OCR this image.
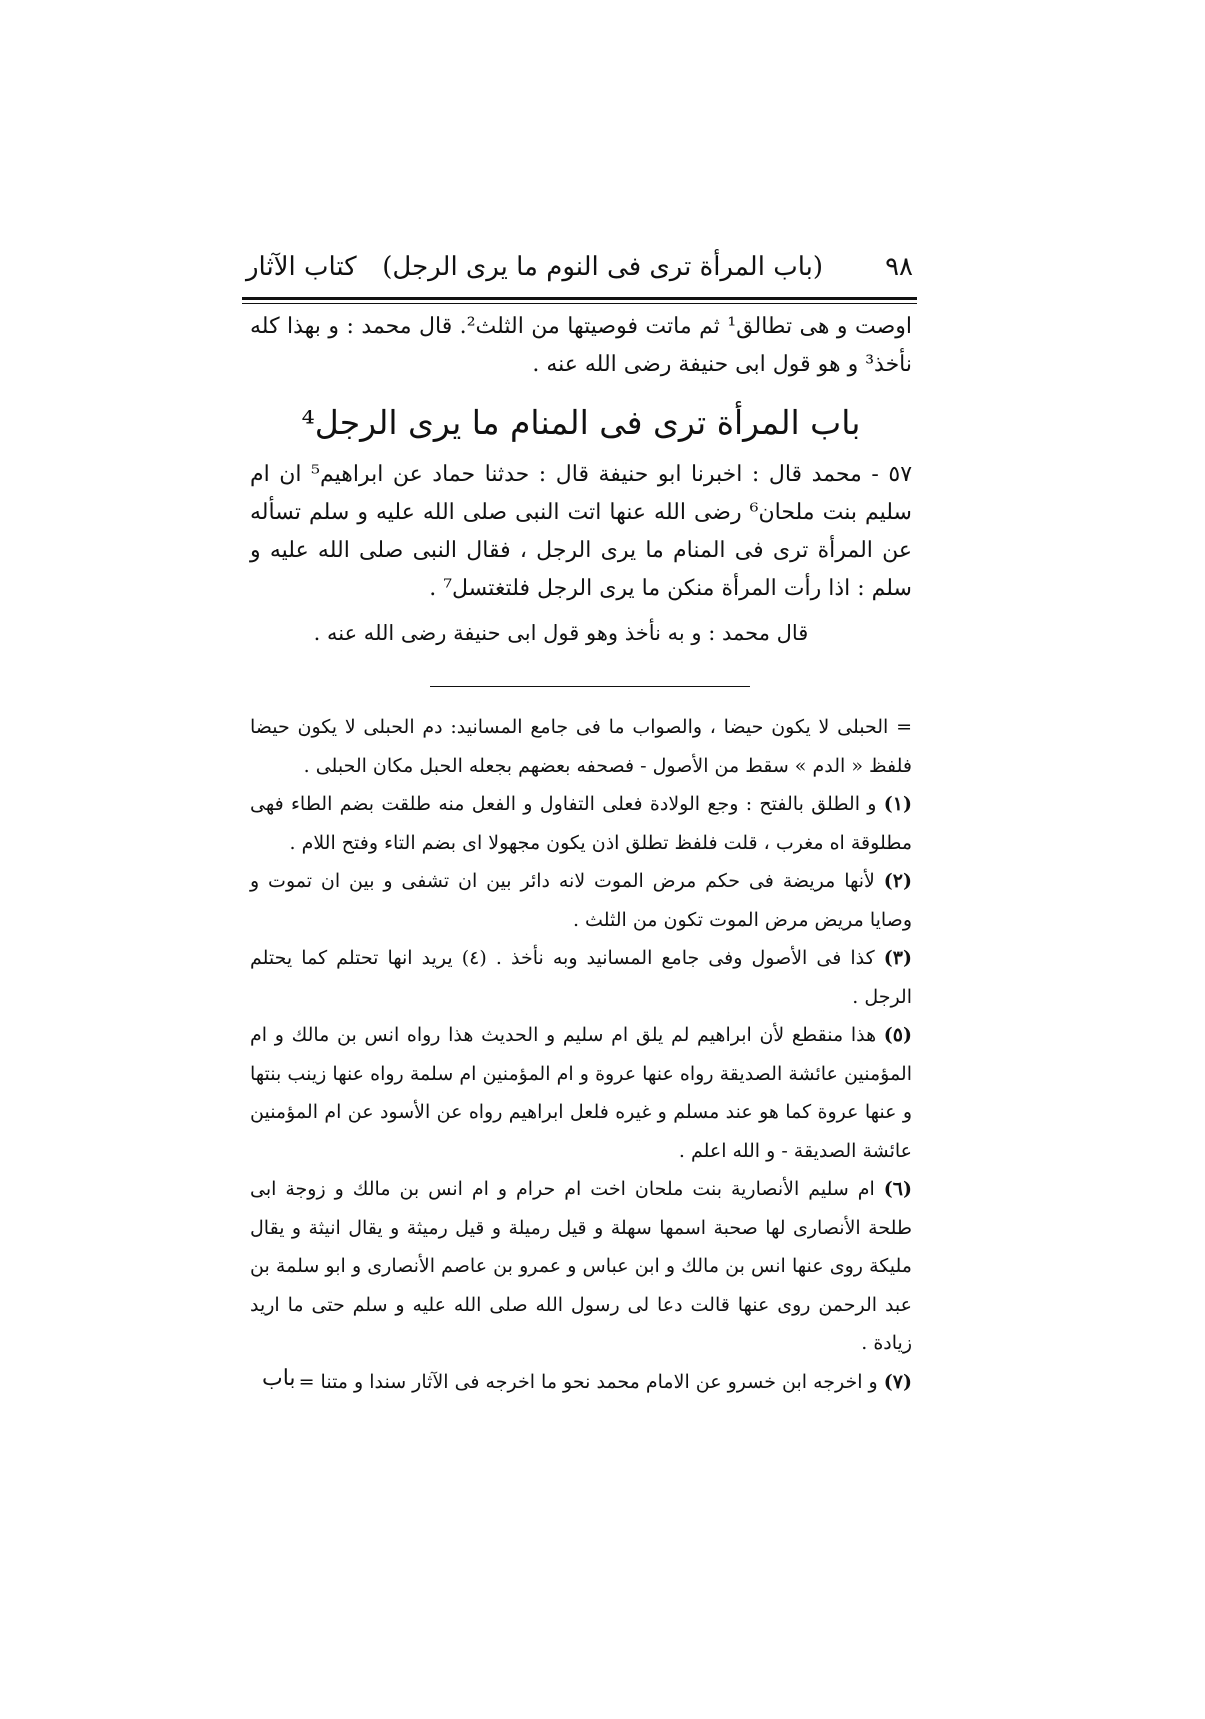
٩٨
(باب المرأة ترى فى النوم ما يرى الرجل)
كتاب الآثار

اوصت و هى تطالق¹ ثم ماتت فوصيتها من الثلث². قال محمد : و بهذا كله نأخذ³ و هو قول ابى حنيفة رضى الله عنه .

باب المرأة ترى فى المنام ما يرى الرجل⁴

٥٧ - محمد قال : اخبرنا ابو حنيفة قال : حدثنا حماد عن ابراهيم⁵ ان ام سليم بنت ملحان⁶ رضى الله عنها اتت النبى صلى الله عليه و سلم تسأله عن المرأة ترى فى المنام ما يرى الرجل ، فقال النبى صلى الله عليه و سلم : اذا رأت المرأة منكن ما يرى الرجل فلتغتسل⁷ .

قال محمد : و به نأخذ وهو قول ابى حنيفة رضى الله عنه .

= الحبلى لا يكون حيضا ، والصواب ما فى جامع المسانيد: دم الحبلى لا يكون حيضا فلفظ « الدم » سقط من الأصول - فصحفه بعضهم بجعله الحبل مكان الحبلى .

(١) و الطلق بالفتح : وجع الولادة فعلى التفاول و الفعل منه طلقت بضم الطاء فهى مطلوقة اه مغرب ، قلت فلفظ تطلق اذن يكون مجهولا اى بضم التاء وفتح اللام .

(٢) لأنها مريضة فى حكم مرض الموت لانه دائر بين ان تشفى و بين ان تموت و وصايا مريض مرض الموت تكون من الثلث .

(٣) كذا فى الأصول وفى جامع المسانيد وبه نأخذ . (٤) يريد انها تحتلم كما يحتلم الرجل .

(٥) هذا منقطع لأن ابراهيم لم يلق ام سليم و الحديث هذا رواه انس بن مالك و ام المؤمنين عائشة الصديقة رواه عنها عروة و ام المؤمنين ام سلمة رواه عنها زينب بنتها و عنها عروة كما هو عند مسلم و غيره فلعل ابراهيم رواه عن الأسود عن ام المؤمنين عائشة الصديقة - و الله اعلم .

(٦) ام سليم الأنصارية بنت ملحان اخت ام حرام و ام انس بن مالك و زوجة ابى طلحة الأنصارى لها صحبة اسمها سهلة و قيل رميلة و قيل رميثة و يقال انيثة و يقال مليكة روى عنها انس بن مالك و ابن عباس و عمرو بن عاصم الأنصارى و ابو سلمة بن عبد الرحمن روى عنها قالت دعا لى رسول الله صلى الله عليه و سلم حتى ما اريد زيادة .

(٧) و اخرجه ابن خسرو عن الامام محمد نحو ما اخرجه فى الآثار سندا و متنا =

باب
